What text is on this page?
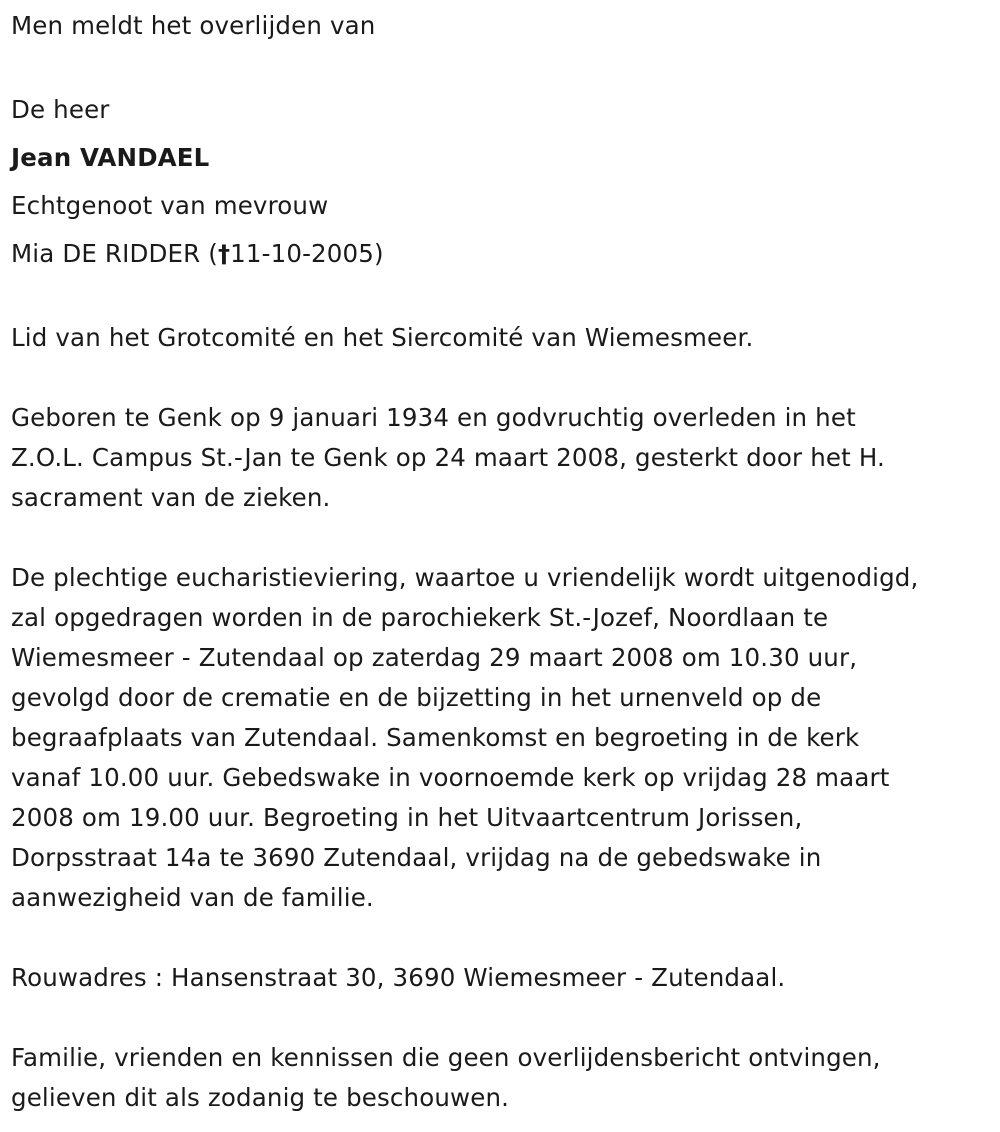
Men meldt het overlijden van
De heer
Jean VANDAEL
Echtgenoot van mevrouw
Mia DE RIDDER (†11-10-2005)
Lid van het Grotcomité en het Siercomité van Wiemesmeer.
Geboren te Genk op 9 januari 1934 en godvruchtig overleden in het
Z.O.L. Campus St.-Jan te Genk op 24 maart 2008, gesterkt door het H.
sacrament van de zieken.
De plechtige eucharistieviering, waartoe u vriendelijk wordt uitgenodigd,
zal opgedragen worden in de parochiekerk St.-Jozef, Noordlaan te
Wiemesmeer - Zutendaal op zaterdag 29 maart 2008 om 10.30 uur,
gevolgd door de crematie en de bijzetting in het urnenveld op de
begraafplaats van Zutendaal. Samenkomst en begroeting in de kerk
vanaf 10.00 uur. Gebedswake in voornoemde kerk op vrijdag 28 maart
2008 om 19.00 uur. Begroeting in het Uitvaartcentrum Jorissen,
Dorpsstraat 14a te 3690 Zutendaal, vrijdag na de gebedswake in
aanwezigheid van de familie.
Rouwadres : Hansenstraat 30, 3690 Wiemesmeer - Zutendaal.
Familie, vrienden en kennissen die geen overlijdensbericht ontvingen,
gelieven dit als zodanig te beschouwen.
